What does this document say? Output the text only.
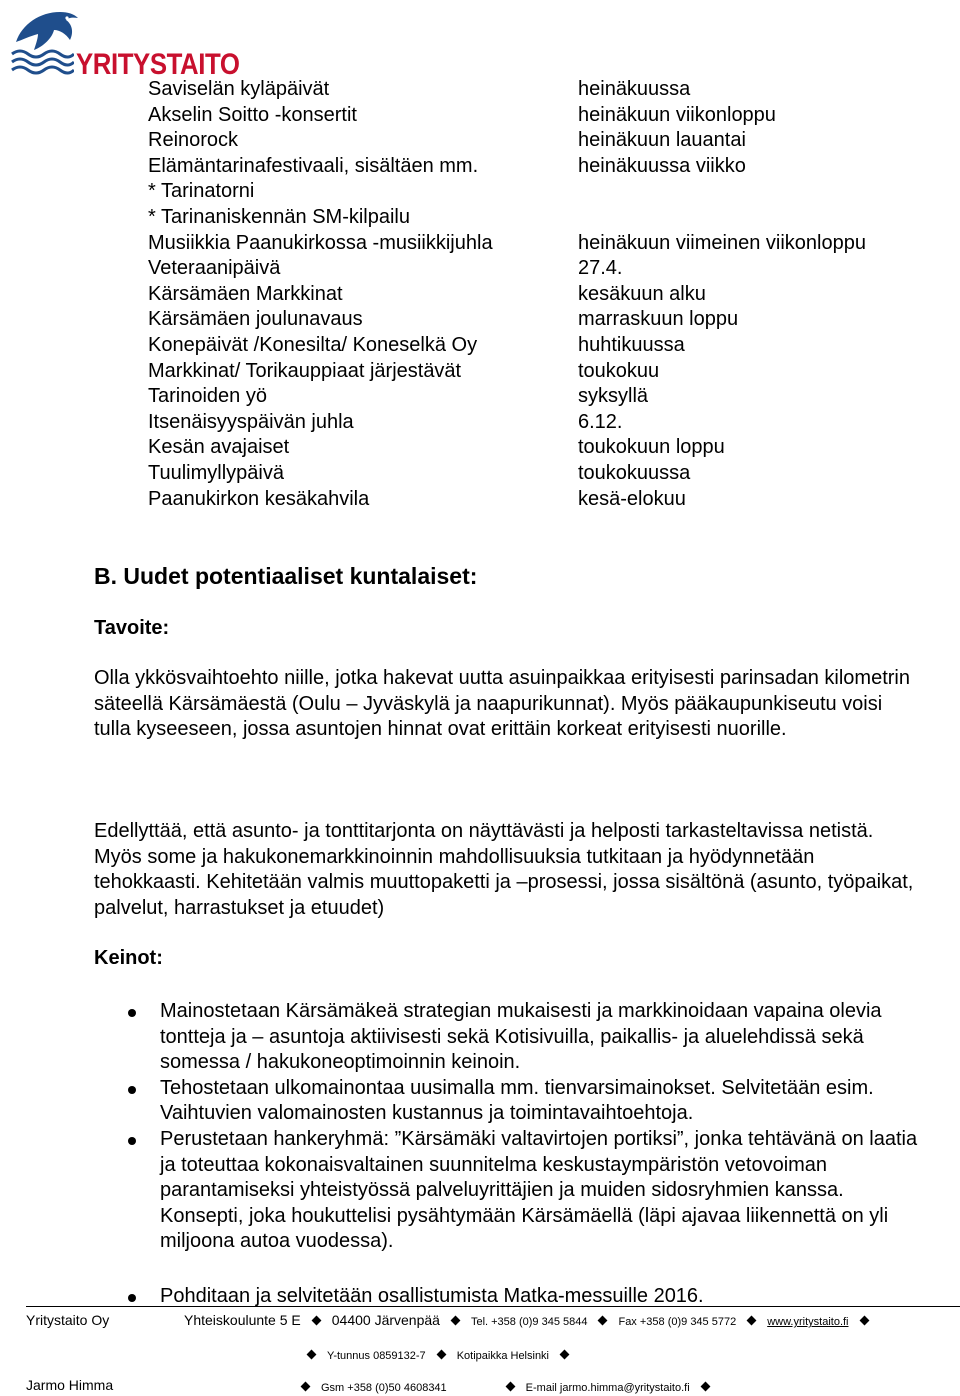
YRITYSTAITO
Saviselän kyläpäivät	heinäkuussa
Akselin Soitto -konsertit	heinäkuun viikonloppu
Reinorock	heinäkuun lauantai
Elämäntarinafestivaali, sisältäen mm.	heinäkuussa viikko
* Tarinatorni
* Tarinaniskennän SM-kilpailu
Musiikkia Paanukirkossa -musiikkijuhla	heinäkuun viimeinen viikonloppu
Veteraanipäivä	27.4.
Kärsämäen Markkinat	kesäkuun alku
Kärsämäen joulunavaus	marraskuun loppu
Konepäivät /Konesilta/ Koneselkä Oy	huhtikuussa
Markkinat/ Torikauppiaat järjestävät	toukokuu
Tarinoiden yö	syksyllä
Itsenäisyyspäivän juhla	6.12.
Kesän avajaiset	toukokuun loppu
Tuulimyllypäivä	toukokuussa
Paanukirkon kesäkahvila	kesä-elokuu
B. Uudet potentiaaliset kuntalaiset:
Tavoite:
Olla ykkösvaihtoehto niille, jotka hakevat uutta asuinpaikkaa erityisesti parinsadan kilometrin säteellä Kärsämäestä (Oulu – Jyväskylä ja naapurikunnat). Myös pääkaupunkiseutu voisi tulla kyseeseen, jossa asuntojen hinnat ovat erittäin korkeat erityisesti nuorille.
Edellyttää, että asunto- ja tonttitarjonta on näyttävästi ja helposti tarkasteltavissa netistä. Myös some ja hakukonemarkkinoinnin mahdollisuuksia tutkitaan ja hyödynnetään tehokkaasti. Kehitetään valmis muuttopaketti ja –prosessi, jossa sisältönä (asunto, työpaikat, palvelut, harrastukset ja etuudet)
Keinot:
Mainostetaan Kärsämäkeä strategian mukaisesti ja markkinoidaan vapaina olevia tontteja ja – asuntoja aktiivisesti sekä Kotisivuilla, paikallis- ja aluelehdissä sekä somessa / hakukoneoptimoinnin keinoin.
Tehostetaan ulkomainontaa uusimalla mm. tienvarsimainokset. Selvitetään esim. Vaihtuvien valomainosten kustannus ja toimintavaihtoehtoja.
Perustetaan hankeryhmä: ”Kärsämäki valtavirtojen portiksi”, jonka tehtävänä on laatia ja toteuttaa kokonaisvaltainen suunnitelma keskustaympäristön vetovoiman parantamiseksi yhteistyössä palveluyrittäjien ja muiden sidosryhmien kanssa. Konsepti, joka houkuttelisi pysähtymään Kärsämäellä (läpi ajavaa liikennettä on yli miljoona autoa vuodessa).
Pohditaan ja selvitetään osallistumista Matka-messuille 2016.
Yritystaito Oy	Yhteiskoulunte 5 E 04400 Järvenpää	Tel. +358 (0)9 345 5844	Fax +358 (0)9 345 5772	www.yritystaito.fi
Y-tunnus 0859132-7	Kotipaikka Helsinki
Jarmo Himma	Gsm +358 (0)50 4608341	E-mail jarmo.himma@yritystaito.fi
